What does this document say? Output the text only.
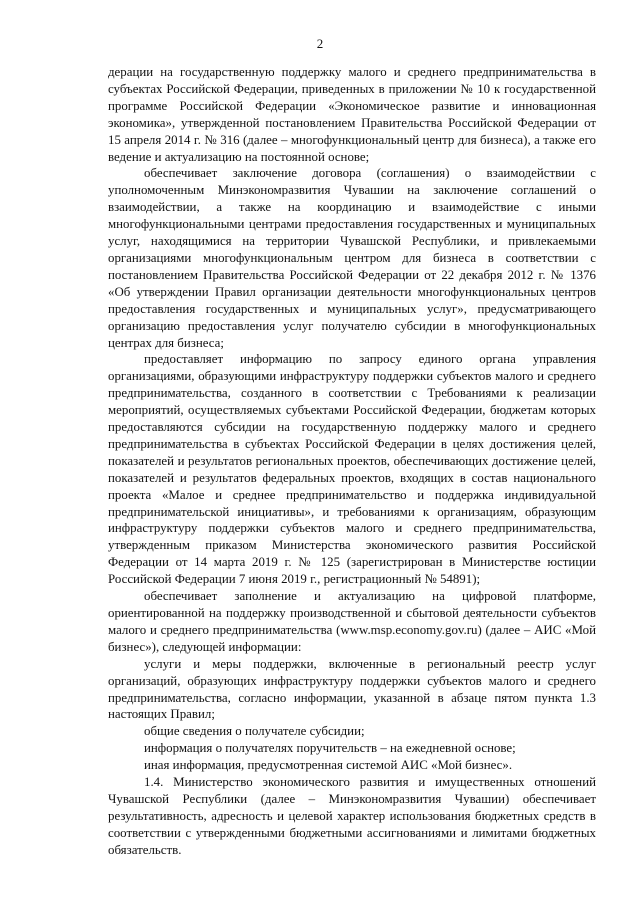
2

дерации на государственную поддержку малого и среднего предпринимательства в субъектах Российской Федерации, приведенных в приложении № 10 к государственной программе Российской Федерации «Экономическое развитие и инновационная экономика», утвержденной постановлением Правительства Российской Федерации от 15 апреля 2014 г. № 316 (далее – многофункциональный центр для бизнеса), а также его ведение и актуализацию на постоянной основе;

обеспечивает заключение договора (соглашения) о взаимодействии с уполномоченным Минэкономразвития Чувашии на заключение соглашений о взаимодействии, а также на координацию и взаимодействие с иными многофункциональными центрами предоставления государственных и муниципальных услуг, находящимися на территории Чувашской Республики, и привлекаемыми организациями многофункциональным центром для бизнеса в соответствии с постановлением Правительства Российской Федерации от 22 декабря 2012 г. № 1376 «Об утверждении Правил организации деятельности многофункциональных центров предоставления государственных и муниципальных услуг», предусматривающего организацию предоставления услуг получателю субсидии в многофункциональных центрах для бизнеса;

предоставляет информацию по запросу единого органа управления организациями, образующими инфраструктуру поддержки субъектов малого и среднего предпринимательства, созданного в соответствии с Требованиями к реализации мероприятий, осуществляемых субъектами Российской Федерации, бюджетам которых предоставляются субсидии на государственную поддержку малого и среднего предпринимательства в субъектах Российской Федерации в целях достижения целей, показателей и результатов региональных проектов, обеспечивающих достижение целей, показателей и результатов федеральных проектов, входящих в состав национального проекта «Малое и среднее предпринимательство и поддержка индивидуальной предпринимательской инициативы», и требованиями к организациям, образующим инфраструктуру поддержки субъектов малого и среднего предпринимательства, утвержденным приказом Министерства экономического развития Российской Федерации от 14 марта 2019 г. № 125 (зарегистрирован в Министерстве юстиции Российской Федерации 7 июня 2019 г., регистрационный № 54891);

обеспечивает заполнение и актуализацию на цифровой платформе, ориентированной на поддержку производственной и сбытовой деятельности субъектов малого и среднего предпринимательства (www.msp.economy.gov.ru) (далее – АИС «Мой бизнес»), следующей информации:

услуги и меры поддержки, включенные в региональный реестр услуг организаций, образующих инфраструктуру поддержки субъектов малого и среднего предпринимательства, согласно информации, указанной в абзаце пятом пункта 1.3 настоящих Правил;

общие сведения о получателе субсидии;

информация о получателях поручительств – на ежедневной основе;

иная информация, предусмотренная системой АИС «Мой бизнес».

1.4. Министерство экономического развития и имущественных отношений Чувашской Республики (далее – Минэкономразвития Чувашии) обеспечивает результативность, адресность и целевой характер использования бюджетных средств в соответствии с утвержденными бюджетными ассигнованиями и лимитами бюджетных обязательств.
